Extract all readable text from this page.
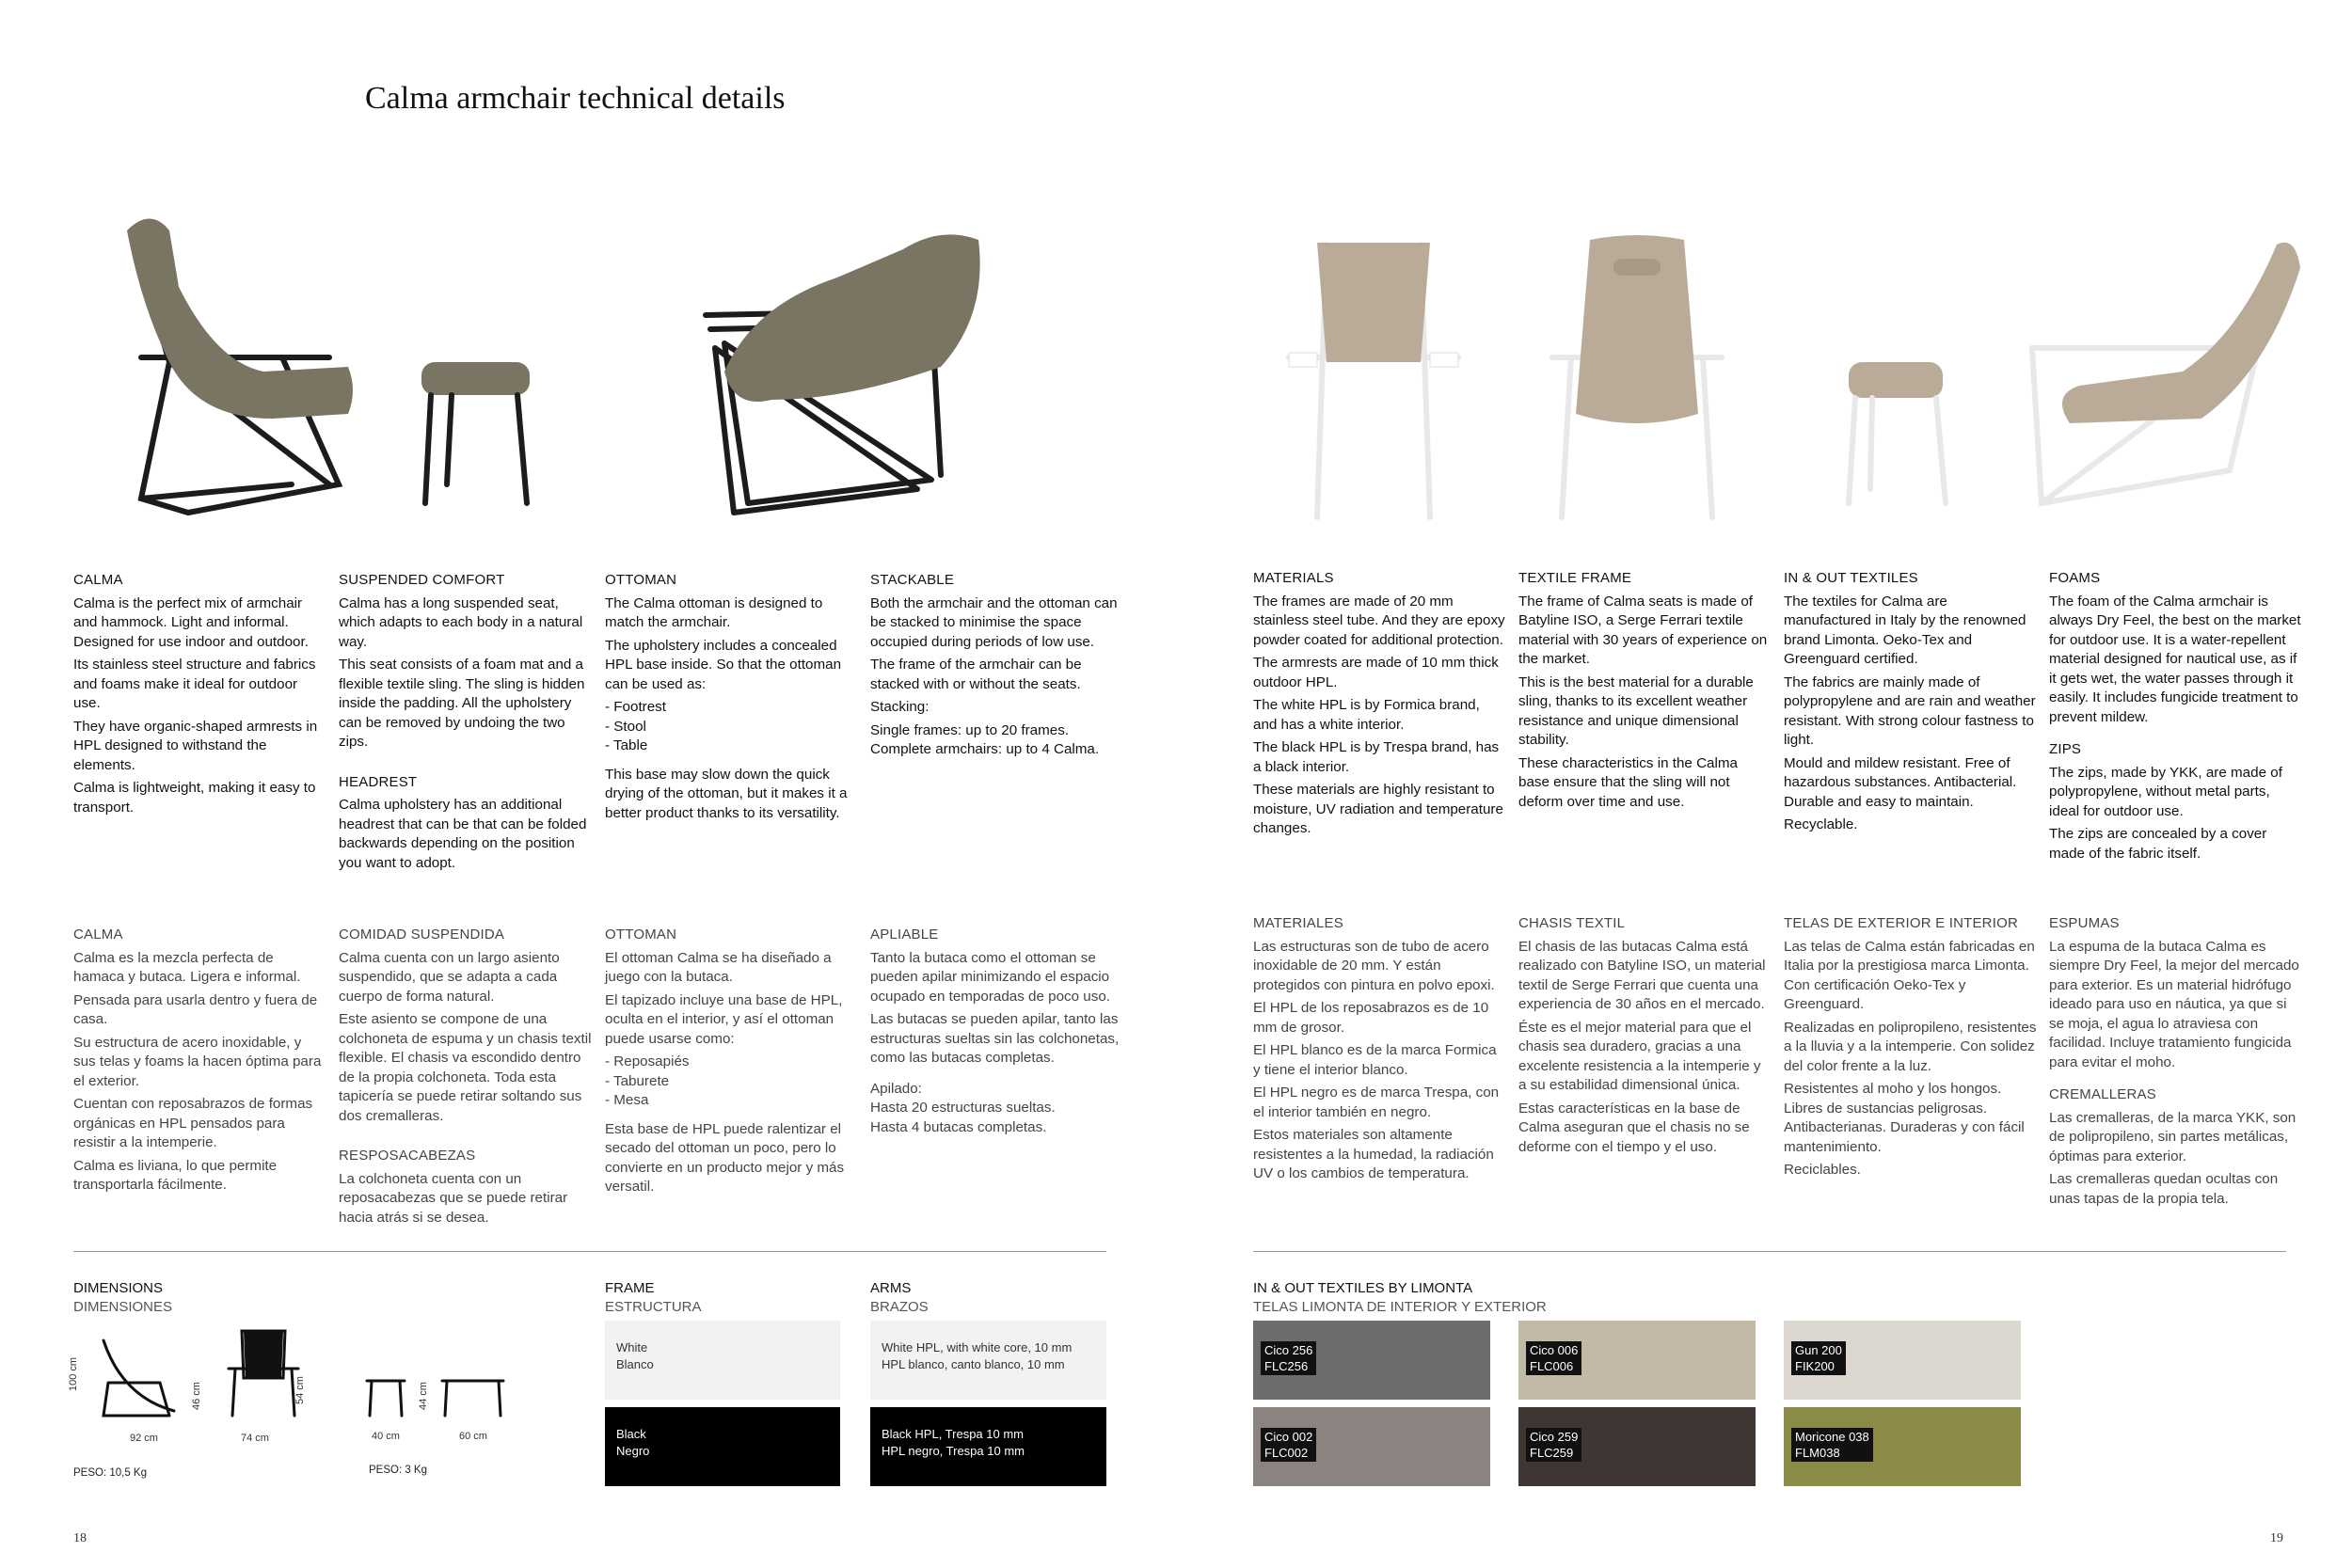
Calma armchair technical details
CALMA

Calma is the perfect mix of armchair and hammock. Light and informal. Designed for use indoor and outdoor.

Its stainless steel structure and fabrics and foams make it ideal for outdoor use.

They have organic-shaped armrests in HPL designed to withstand the elements.

Calma is lightweight, making it easy to transport.

SUSPENDED COMFORT

Calma has a long suspended seat, which adapts to each body in a natural way.

This seat consists of a foam mat and a flexible textile sling. The sling is hidden inside the padding. All the upholstery can be removed by undoing the two zips.

HEADREST

Calma upholstery has an additional headrest that can be that can be folded backwards depending on the position you want to adopt.

OTTOMAN

The Calma ottoman is designed to match the armchair.

The upholstery includes a concealed HPL base inside. So that the ottoman can be used as:

- Footrest
- Stool
- Table

This base may slow down the quick drying of the ottoman, but it makes it a better product thanks to its versatility.

STACKABLE

Both the armchair and the ottoman can be stacked to minimise the space occupied during periods of low use.

The frame of the armchair can be stacked with or without the seats.

Stacking:

Single frames: up to 20 frames.
Complete armchairs: up to 4 Calma.
CALMA

Calma es la mezcla perfecta de hamaca y butaca. Ligera e informal.

Pensada para usarla dentro y fuera de casa.

Su estructura de acero inoxidable, y sus telas y foams la hacen óptima para el exterior.

Cuentan con reposabrazos de formas orgánicas en HPL pensados para resistir a la intemperie.

Calma es liviana, lo que permite transportarla fácilmente.

COMIDAD SUSPENDIDA

Calma cuenta con un largo asiento suspendido, que se adapta a cada cuerpo de forma natural.

Este asiento se compone de una colchoneta de espuma y un chasis textil flexible. El chasis va escondido dentro de la propia colchoneta. Toda esta tapicería se puede retirar soltando sus dos cremalleras.

RESPOSACABEZAS

La colchoneta cuenta con un reposacabezas que se puede retirar hacia atrás si se desea.

OTTOMAN

El ottoman Calma se ha diseñado a juego con la butaca.

El tapizado incluye una base de HPL, oculta en el interior, y así el ottoman puede usarse como:

- Reposapiés
- Taburete
- Mesa

Esta base de HPL puede ralentizar el secado del ottoman un poco, pero lo convierte en un producto mejor y más versatil.

APLIABLE

Tanto la butaca como el ottoman se pueden apilar minimizando el espacio ocupado en temporadas de poco uso.

Las butacas se pueden apilar, tanto las estructuras sueltas sin las colchonetas, como las butacas completas.

Apilado:
Hasta 20 estructuras sueltas.
Hasta 4 butacas completas.
MATERIALS

The frames are made of 20 mm stainless steel tube. And they are epoxy powder coated for additional protection.

The armrests are made of 10 mm thick outdoor HPL.

The white HPL is by Formica brand, and has a white interior.

The black HPL is by Trespa brand, has a black interior.

These materials are highly resistant to moisture, UV radiation and temperature changes.

TEXTILE FRAME

The frame of Calma seats is made of Batyline ISO, a Serge Ferrari textile material with 30 years of experience on the market.

This is the best material for a durable sling, thanks to its excellent weather resistance and unique dimensional stability.

These characteristics in the Calma base ensure that the sling will not deform over time and use.

IN & OUT TEXTILES

The textiles for Calma are manufactured in Italy by the renowned brand Limonta. Oeko-Tex and Greenguard certified.

The fabrics are mainly made of polypropylene and are rain and weather resistant. With strong colour fastness to light.

Mould and mildew resistant. Free of hazardous substances. Antibacterial. Durable and easy to maintain.

Recyclable.

FOAMS

The foam of the Calma armchair is always Dry Feel, the best on the market for outdoor use. It is a water-repellent material designed for nautical use, as if it gets wet, the water passes through it easily. It includes fungicide treatment to prevent mildew.

ZIPS

The zips, made by YKK, are made of polypropylene, without metal parts, ideal for outdoor use.

The zips are concealed by a cover made of the fabric itself.

MATERIALES

Las estructuras son de tubo de acero inoxidable de 20 mm. Y están protegidos con pintura en polvo epoxi.

El HPL de los reposabrazos es de 10 mm de grosor.

El HPL blanco es de la marca Formica y tiene el interior blanco.

El HPL negro es de marca Trespa, con el interior también en negro.

Estos materiales son altamente resistentes a la humedad, la radiación UV o los cambios de temperatura.

CHASIS TEXTIL

El chasis de las butacas Calma está realizado con Batyline ISO, un material textil de Serge Ferrari que cuenta una experiencia de 30 años en el mercado.

Éste es el mejor material para que el chasis sea duradero, gracias a una excelente resistencia a la intemperie y a su estabilidad dimensional única.

Estas características en la base de Calma aseguran que el chasis no se deforme con el tiempo y el uso.

TELAS DE EXTERIOR E INTERIOR

Las telas de Calma están fabricadas en Italia por la prestigiosa marca Limonta. Con certificación Oeko-Tex y Greenguard.

Realizadas en polipropileno, resistentes a la lluvia y a la intemperie. Con solidez del color frente a la luz.

Resistentes al moho y los hongos. Libres de sustancias peligrosas. Antibacterianas. Duraderas y con fácil mantenimiento.

Reciclables.

ESPUMAS

La espuma de la butaca Calma es siempre Dry Feel, la mejor del mercado para exterior. Es un material hidrófugo ideado para uso en náutica, ya que si se moja, el agua lo atraviesa con facilidad. Incluye tratamiento fungicida para evitar el moho.

CREMALLERAS

Las cremalleras, de la marca YKK, son de polipropileno, sin partes metálicas, óptimas para exterior.

Las cremalleras quedan ocultas con unas tapas de la propia tela.

DIMENSIONS
DIMENSIONES
100 cm
46 cm	54 cm
92 cm	74 cm
44 cm
40 cm	60 cm
PESO: 10,5 Kg	PESO: 3 Kg
FRAME
ESTRUCTURA
White
Blanco
Black
Negro
ARMS
BRAZOS
White HPL, with white core, 10 mm
HPL blanco, canto blanco, 10 mm
Black HPL, Trespa 10 mm
HPL negro, Trespa 10 mm
IN & OUT TEXTILES BY LIMONTA
TELAS LIMONTA DE INTERIOR Y EXTERIOR
Cico 256
FLC256
Cico 006
FLC006
Gun 200
FIK200
Cico 002
FLC002
Cico 259
FLC259
Moricone 038
FLM038
18	19
